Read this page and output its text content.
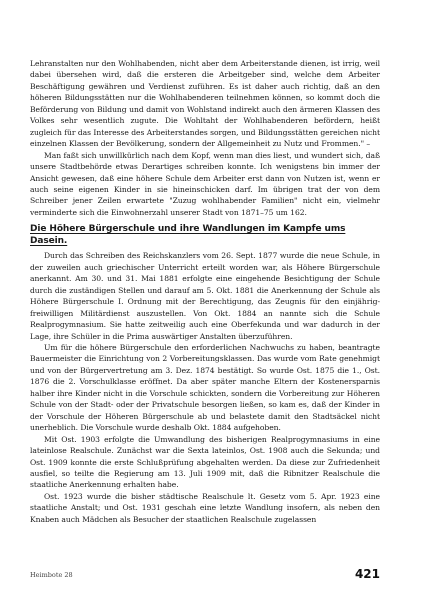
Lehranstalten nur den Wohlhabenden, nicht aber dem Arbeiterstande dienen, ist irrig, weil dabei übersehen wird, daß die ersteren die Arbeitgeber sind, welche dem Arbeiter Beschäftigung gewähren und Verdienst zuführen. Es ist daher auch richtig, daß an den höheren Bildungsstätten nur die Wohlhabenderen teilnehmen können, so kommt doch die Beförderung von Bildung und damit von Wohlstand indirekt auch den ärmeren Klassen des Volkes sehr wesentlich zugute. Die Wohltaht der Wohlhabenderen befördern, heißt zugleich für das Interesse des Arbeiterstandes sorgen, und Bildungsstätten gereichen nicht einzelnen Klassen der Bevölkerung, sondern der Allgemeinheit zu Nutz und Frommen." –

Man faßt sich unwillkürlich nach dem Kopf, wenn man dies liest, und wundert sich, daß unsere Stadtbehörde etwas Derartiges schreiben konnte. Ich wenigstens bin immer der Ansicht gewesen, daß eine höhere Schule dem Arbeiter erst dann von Nutzen ist, wenn er auch seine eigenen Kinder in sie hineinschicken darf. Im übrigen trat der von dem Schreiber jener Zeilen erwartete "Zuzug wohlhabender Familien" nicht ein, vielmehr verminderte sich die Einwohnerzahl unserer Stadt von 1871–75 um 162.

Die Höhere Bürgerschule und ihre Wandlungen im Kampfe ums Dasein.

Durch das Schreiben des Reichskanzlers vom 26. Sept. 1877 wurde die neue Schule, in der zuweilen auch griechischer Unterricht erteilt worden war, als Höhere Bürgerschule anerkannt. Am 30. und 31. Mai 1881 erfolgte eine eingehende Besichtigung der Schule durch die zuständigen Stellen und darauf am 5. Okt. 1881 die Anerkennung der Schule als Höhere Bürgerschule I. Ordnung mit der Berechtigung, das Zeugnis für den einjährig-freiwilligen Militärdienst auszustellen. Von Okt. 1884 an nannte sich die Schule Realprogymnasium. Sie hatte zeitweilig auch eine Oberfekunda und war dadurch in der Lage, ihre Schüler in die Prima auswärtiger Anstalten überzuführen.

Um für die höhere Bürgerschule den erforderlichen Nachwuchs zu haben, beantragte Bauermeister die Einrichtung von 2 Vorbereitungsklassen. Das wurde vom Rate genehmigt und von der Bürgervertretung am 3. Dez. 1874 bestätigt. So wurde Ost. 1875 die 1., Ost. 1876 die 2. Vorschulklasse eröffnet. Da aber später manche Eltern der Kostenersparnis halber ihre Kinder nicht in die Vorschule schickten, sondern die Vorbereitung zur Höheren Schule von der Stadt- oder der Privatschule besorgen ließen, so kam es, daß der Kinder in der Vorschule der Höheren Bürgerschule ab und belastete damit den Stadtsäckel nicht unerheblich. Die Vorschule wurde deshalb Okt. 1884 aufgehoben.

Mit Ost. 1903 erfolgte die Umwandlung des bisherigen Realprogymnasiums in eine lateinlose Realschule. Zunächst war die Sexta lateinlos, Ost. 1908 auch die Sekunda; und Ost. 1909 konnte die erste Schlußprüfung abgehalten werden. Da diese zur Zufriedenheit ausfiel, so teilte die Regierung am 13. Juli 1909 mit, daß die Ribnitzer Realschule die staatliche Anerkennung erhalten habe.

Ost. 1923 wurde die bisher städtische Realschule lt. Gesetz vom 5. Apr. 1923 eine staatliche Anstalt; und Ost. 1931 geschah eine letzte Wandlung insofern, als neben den Knaben auch Mädchen als Besucher der staatlichen Realschule zugelassen

Heimbote 28	421
